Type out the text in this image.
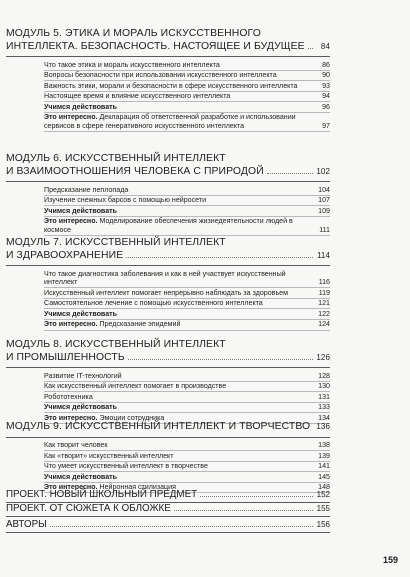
МОДУЛЬ 5. ЭТИКА И МОРАЛЬ ИСКУССТВЕННОГО
ИНТЕЛЛЕКТА. БЕЗОПАСНОСТЬ. НАСТОЯЩЕЕ И БУДУЩЕЕ	84
Что такое этика и мораль искусственного интеллекта	86
Вопросы безопасности при использовании искусственного интеллекта	90
Важность этики, морали и безопасности в сфере искусственного интеллекта	93
Настоящее время и влияние искусственного интеллекта	94
Учимся действовать	96
Это интересно. Декларация об ответственной разработке и использовании сервисов в сфере генеративного искусственного интеллекта	97
МОДУЛЬ 6. ИСКУССТВЕННЫЙ ИНТЕЛЛЕКТ
И ВЗАИМООТНОШЕНИЯ ЧЕЛОВЕКА С ПРИРОДОЙ	102
Предсказание пеплопада	104
Изучение снежных барсов с помощью нейросети	107
Учимся действовать	109
Это интересно. Моделирование обеспечения жизнедеятельности людей в космосе	111
МОДУЛЬ 7. ИСКУССТВЕННЫЙ ИНТЕЛЛЕКТ
И ЗДРАВООХРАНЕНИЕ	114
Что такое диагностика заболевания и как в ней участвует искусственный интеллект	116
Искусственный интеллект помогает непрерывно наблюдать за здоровьем	119
Самостоятельное лечение с помощью искусственного интеллекта	121
Учимся действовать	122
Это интересно. Предсказание эпидемий	124
МОДУЛЬ 8. ИСКУССТВЕННЫЙ ИНТЕЛЛЕКТ
И ПРОМЫШЛЕННОСТЬ	126
Развитие IT-технологий	128
Как искусственный интеллект помогает в производстве	130
Робототехника	131
Учимся действовать	133
Это интересно. Эмоции сотрудника	134
МОДУЛЬ 9. ИСКУССТВЕННЫЙ ИНТЕЛЛЕКТ И ТВОРЧЕСТВО 136
Как творит человек	138
Как «творит» искусственный интеллект	139
Что умеет искусственный интеллект в творчестве	141
Учимся действовать	145
Это интересно. Нейронная стилизация	148
ПРОЕКТ. НОВЫЙ ШКОЛЬНЫЙ ПРЕДМЕТ	152
ПРОЕКТ. ОТ СЮЖЕТА К ОБЛОЖКЕ	155
АВТОРЫ	156
159
